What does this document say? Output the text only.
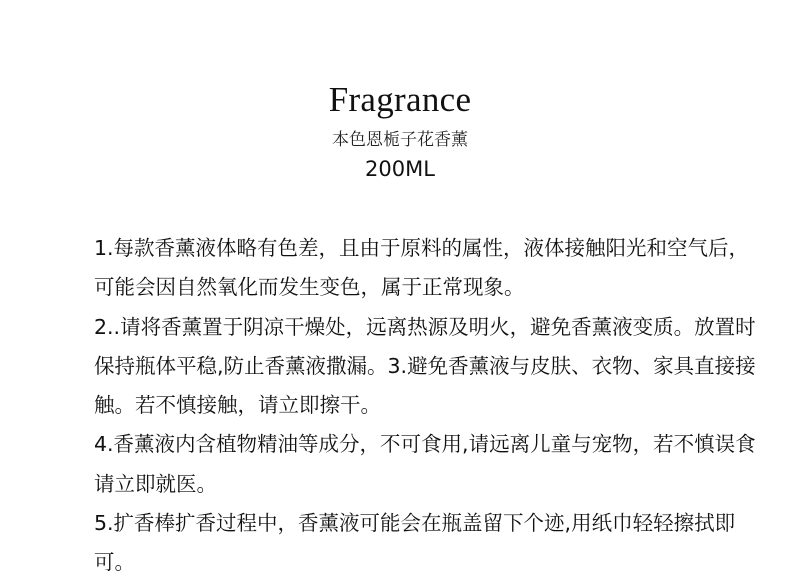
Fragrance
本色恩栀子花香薰
200ML

1.每款香薰液体略有色差，且由于原料的属性，液体接触阳光和空气后，可能会因自然氧化而发生变色，属于正常现象。

2..请将香薰置于阴凉干燥处，远离热源及明火，避免香薰液变质。放置时保持瓶体平稳,防止香薰液撒漏。3.避免香薰液与皮肤、衣物、家具直接接触。若不慎接触，请立即擦干。

4.香薰液内含植物精油等成分，不可食用,请远离儿童与宠物，若不慎误食请立即就医。

5.扩香棒扩香过程中，香薰液可能会在瓶盖留下个迹,用纸巾轻轻擦拭即可。
